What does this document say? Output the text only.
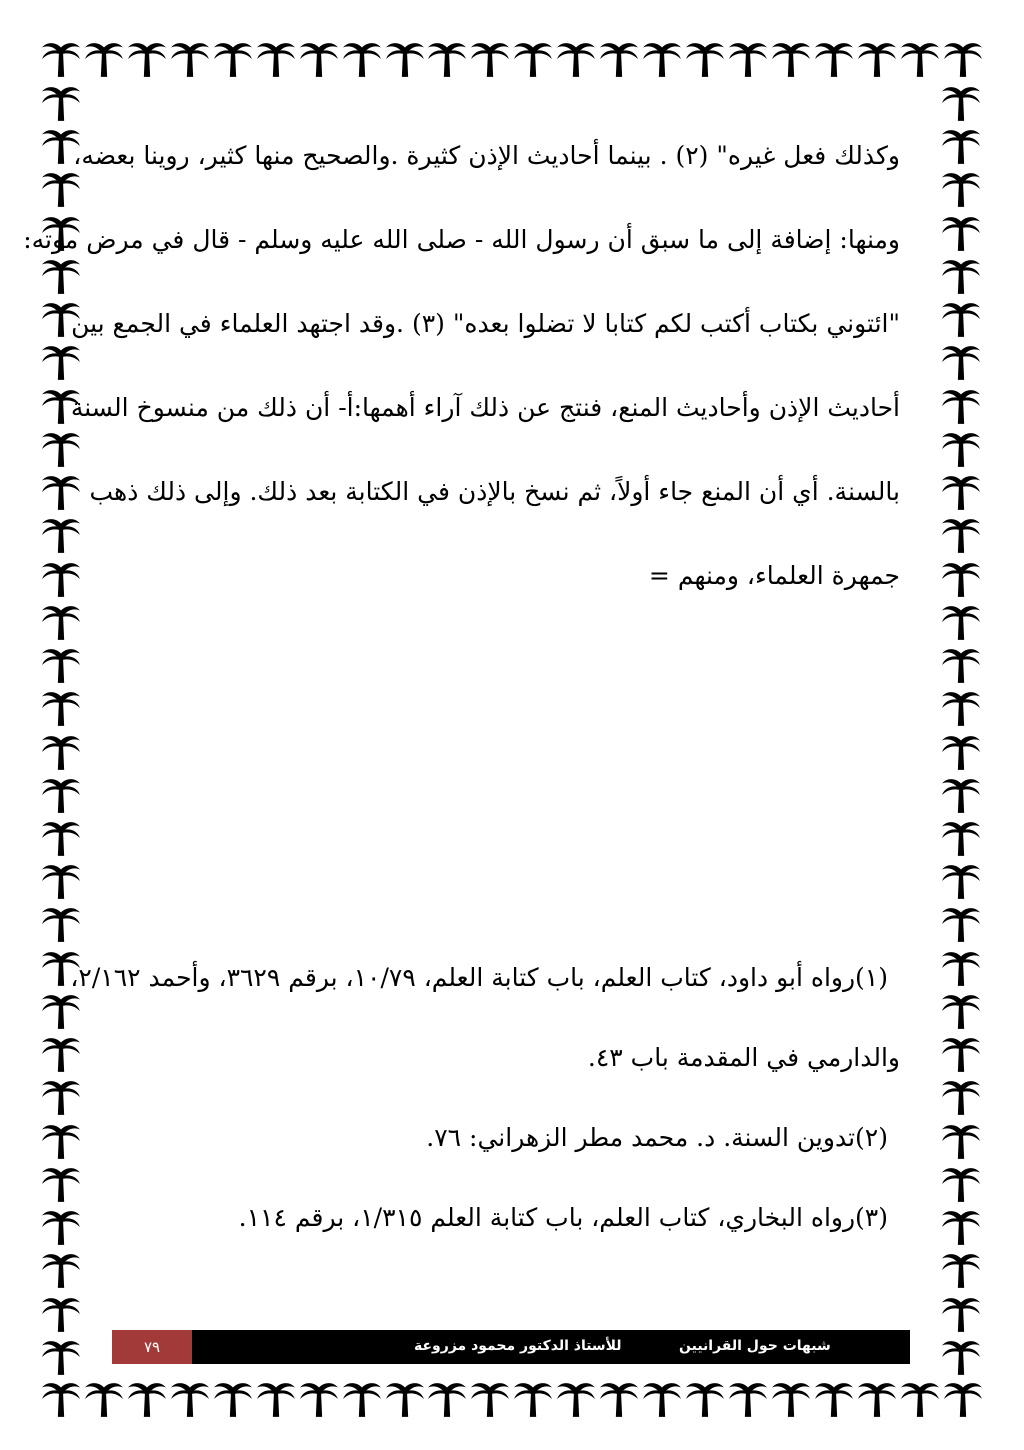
وكذلك فعل غيره" (٢) . بينما أحاديث الإذن كثيرة .والصحيح منها كثير، روينا بعضه،
ومنها: إضافة إلى ما سبق أن رسول الله - صلى الله عليه وسلم - قال في مرض موته:
"ائتوني بكتاب أكتب لكم كتابا لا تضلوا بعده" (٣) .وقد اجتهد العلماء في الجمع بين
أحاديث الإذن وأحاديث المنع، فنتج عن ذلك آراء أهمها:أ- أن ذلك من منسوخ السنة
بالسنة. أي أن المنع جاء أولاً، ثم نسخ بالإذن في الكتابة بعد ذلك. وإلى ذلك ذهب
جمهرة العلماء، ومنهم =
(١)رواه أبو داود، كتاب العلم، باب كتابة العلم، ١٠/٧٩، برقم ٣٦٢٩، وأحمد ٢/١٦٢،
والدارمي في المقدمة باب ٤٣.
(٢)تدوين السنة. د. محمد مطر الزهراني: ٧٦.
(٣)رواه البخاري، كتاب العلم، باب كتابة العلم ١/٣١٥، برقم ١١٤.
٧٩	للأستاذ الدكتور محمود مزروعة	شبهات حول القرانيين
